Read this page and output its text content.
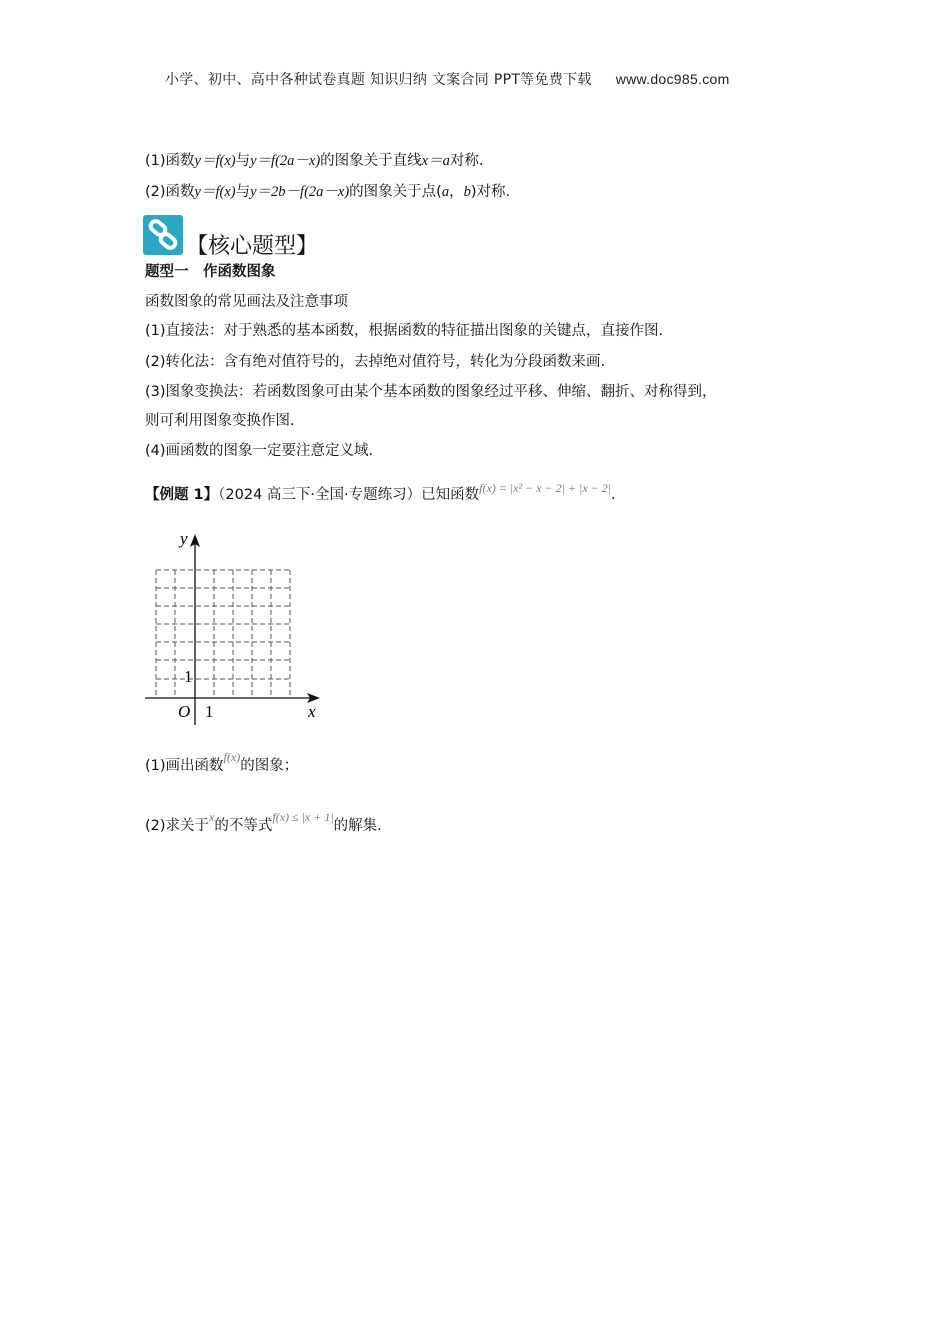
小学、初中、高中各种试卷真题 知识归纳 文案合同 PPT等免费下载 www.doc985.com
(1)函数y＝f(x)与y＝f(2a－x)的图象关于直线x＝a对称.
(2)函数y＝f(x)与y＝2b－f(2a－x)的图象关于点(a，b)对称.
【核心题型】
题型一　作函数图象
函数图象的常见画法及注意事项
(1)直接法：对于熟悉的基本函数，根据函数的特征描出图象的关键点，直接作图.
(2)转化法：含有绝对值符号的，去掉绝对值符号，转化为分段函数来画.
(3)图象变换法：若函数图象可由某个基本函数的图象经过平移、伸缩、翻折、对称得到，
则可利用图象变换作图.
(4)画函数的图象一定要注意定义域.
【例题 1】（2024 高三下·全国·专题练习）已知函数$^{f(x) = |x^2 - x - 2| + |x - 2|}$.
y
x
O 1
1
(1)画出函数$^{f(x)}$的图象；
(2)求关于$^x$的不等式$^{f(x) \le |x + 1|}$的解集.
